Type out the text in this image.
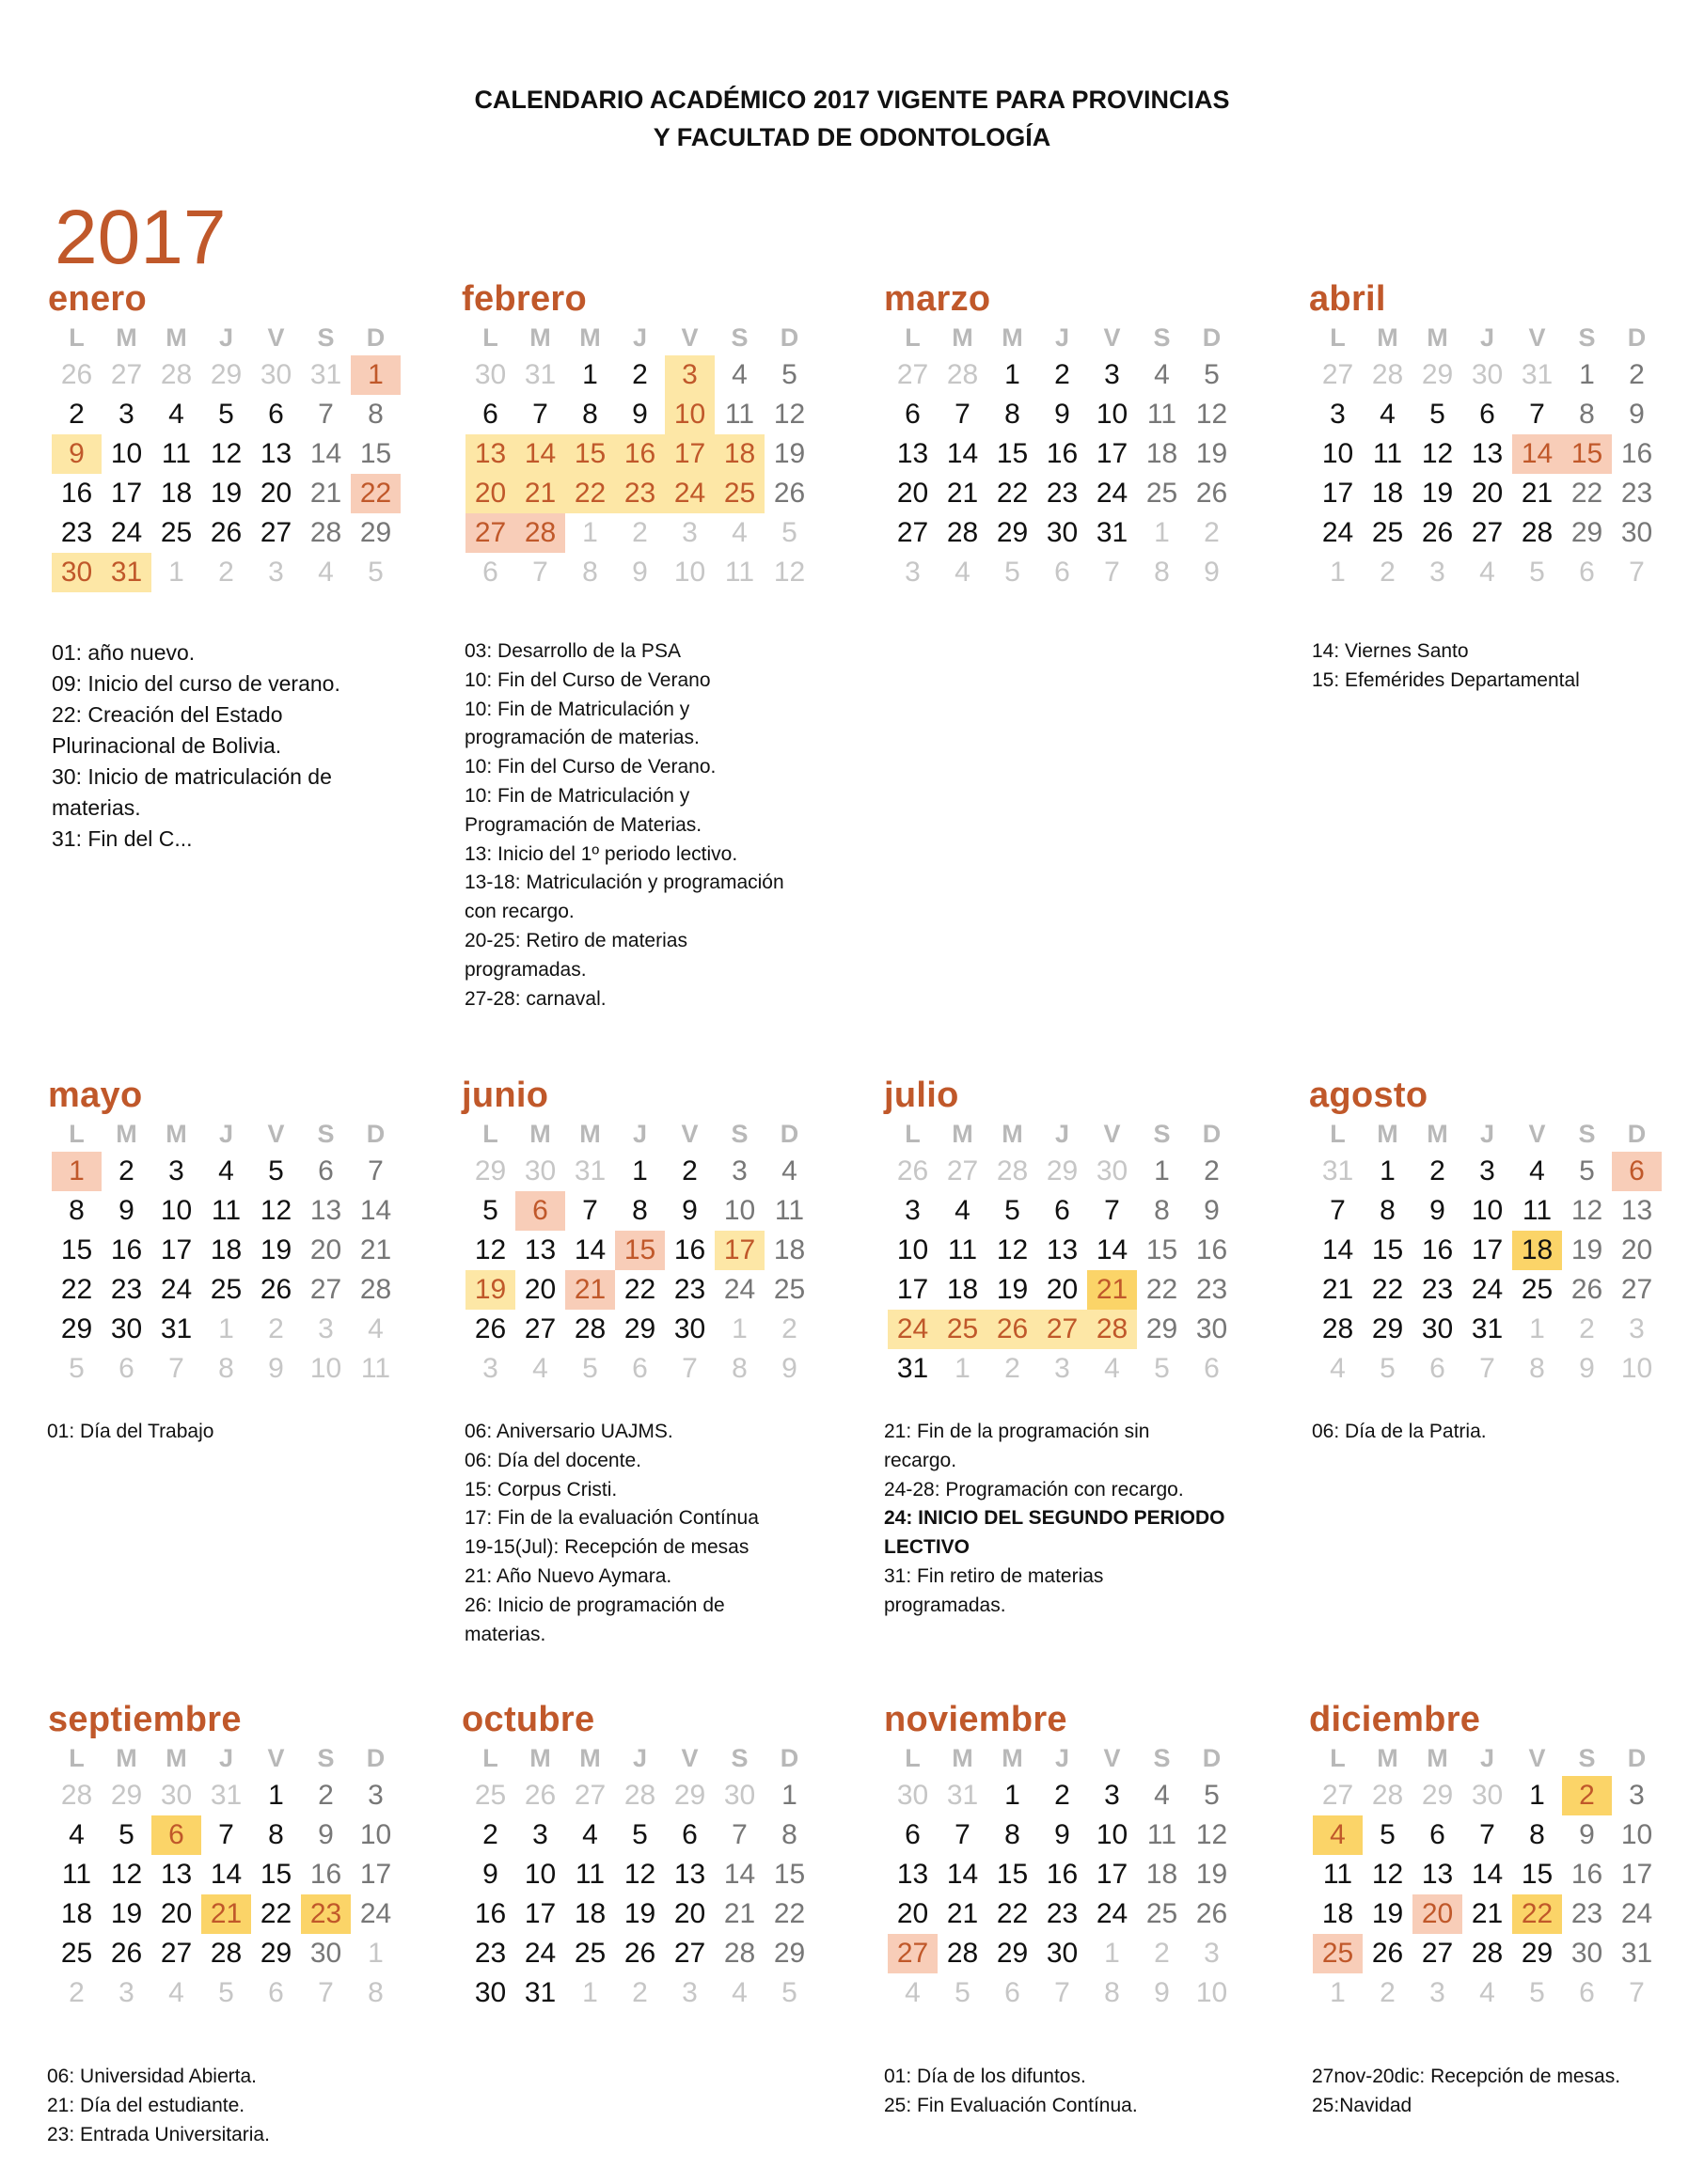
CALENDARIO ACADÉMICO 2017 VIGENTE PARA PROVINCIAS
Y FACULTAD DE ODONTOLOGÍA
2017
enero
L	M	M	J	V	S	D
26 27 28 29 30 31 1
2	3	4	5	6	7	8
9 10 11 12 13 14 15
16 17 18 19 20 21 22
23 24 25 26 27 28 29
30 31 1	2	3	4	5
01: año nuevo.
09: Inicio del curso de verano.
22: Creación del Estado
Plurinacional de Bolivia.
30: Inicio de matriculación de
materias.
31: Fin del C...
febrero
L	M	M	J	V	S	D
30 31 1	2	3	4	5
6	7	8	9 10 11 12
13 14 15 16 17 18 19
20 21 22 23 24 25 26
27 28 1	2	3	4	5
6	7	8	9 10 11 12
03: Desarrollo de la PSA
10: Fin del Curso de Verano
10: Fin de Matriculación y
programación de materias.
10: Fin del Curso de Verano.
10: Fin de Matriculación y
Programación de Materias.
13: Inicio del 1º periodo lectivo.
13-18: Matriculación y programación
con recargo.
20-25: Retiro de materias
programadas.
27-28: carnaval.
marzo
L	M	M	J	V	S	D
27 28 1	2	3	4	5
6	7	8	9 10 11 12
13 14 15 16 17 18 19
20 21 22 23 24 25 26
27 28 29 30 31 1	2
3	4	5	6	7	8	9
abril
L	M	M	J	V	S	D
27 28 29 30 31 1	2
3	4	5	6	7	8	9
10 11 12 13 14 15 16
17 18 19 20 21 22 23
24 25 26 27 28 29 30
1	2	3	4	5	6	7
14: Viernes Santo
15: Efemérides Departamental
mayo
L	M	M	J	V	S	D
1	2	3	4	5	6	7
8	9 10 11 12 13 14
15 16 17 18 19 20 21
22 23 24 25 26 27 28
29 30 31 1	2	3	4
5	6	7	8	9 10 11
01: Día del Trabajo
junio
L	M	M	J	V	S	D
29 30 31 1	2	3	4
5	6	7	8	9 10 11
12 13 14 15 16 17 18
19 20 21 22 23 24 25
26 27 28 29 30 1	2
3	4	5	6	7	8	9
06: Aniversario UAJMS.
06: Día del docente.
15: Corpus Cristi.
17: Fin de la evaluación Contínua
19-15(Jul): Recepción de mesas
21: Año Nuevo Aymara.
26: Inicio de programación de
materias.
julio
L	M	M	J	V	S	D
26 27 28 29 30 1	2
3	4	5	6	7	8	9
10 11 12 13 14 15 16
17 18 19 20 21 22 23
24 25 26 27 28 29 30
31 1	2	3	4	5	6
21: Fin de la programación sin
recargo.
24-28: Programación con recargo.
24: INICIO DEL SEGUNDO PERIODO
LECTIVO
31: Fin retiro de materias
programadas.
agosto
L	M	M	J	V	S	D
31 1	2	3	4	5	6
7	8	9 10 11 12 13
14 15 16 17 18 19 20
21 22 23 24 25 26 27
28 29 30 31 1	2	3
4	5	6	7	8	9 10
06: Día de la Patria.
septiembre
L	M	M	J	V	S	D
28 29 30 31 1	2	3
4	5	6	7	8	9 10
11 12 13 14 15 16 17
18 19 20 21 22 23 24
25 26 27 28 29 30 1
2	3	4	5	6	7	8
06: Universidad Abierta.
21: Día del estudiante.
23: Entrada Universitaria.
octubre
L	M	M	J	V	S	D
25 26 27 28 29 30 1
2	3	4	5	6	7	8
9 10 11 12 13 14 15
16 17 18 19 20 21 22
23 24 25 26 27 28 29
30 31 1	2	3	4	5
noviembre
L	M	M	J	V	S	D
30 31 1	2	3	4	5
6	7	8	9 10 11 12
13 14 15 16 17 18 19
20 21 22 23 24 25 26
27 28 29 30 1	2	3
4	5	6	7	8	9 10
01: Día de los difuntos.
25: Fin Evaluación Contínua.
diciembre
L	M	M	J	V	S	D
27 28 29 30 1	2	3
4	5	6	7	8	9 10
11 12 13 14 15 16 17
18 19 20 21 22 23 24
25 26 27 28 29 30 31
1	2	3	4	5	6	7
27nov-20dic: Recepción de mesas.
25:Navidad
